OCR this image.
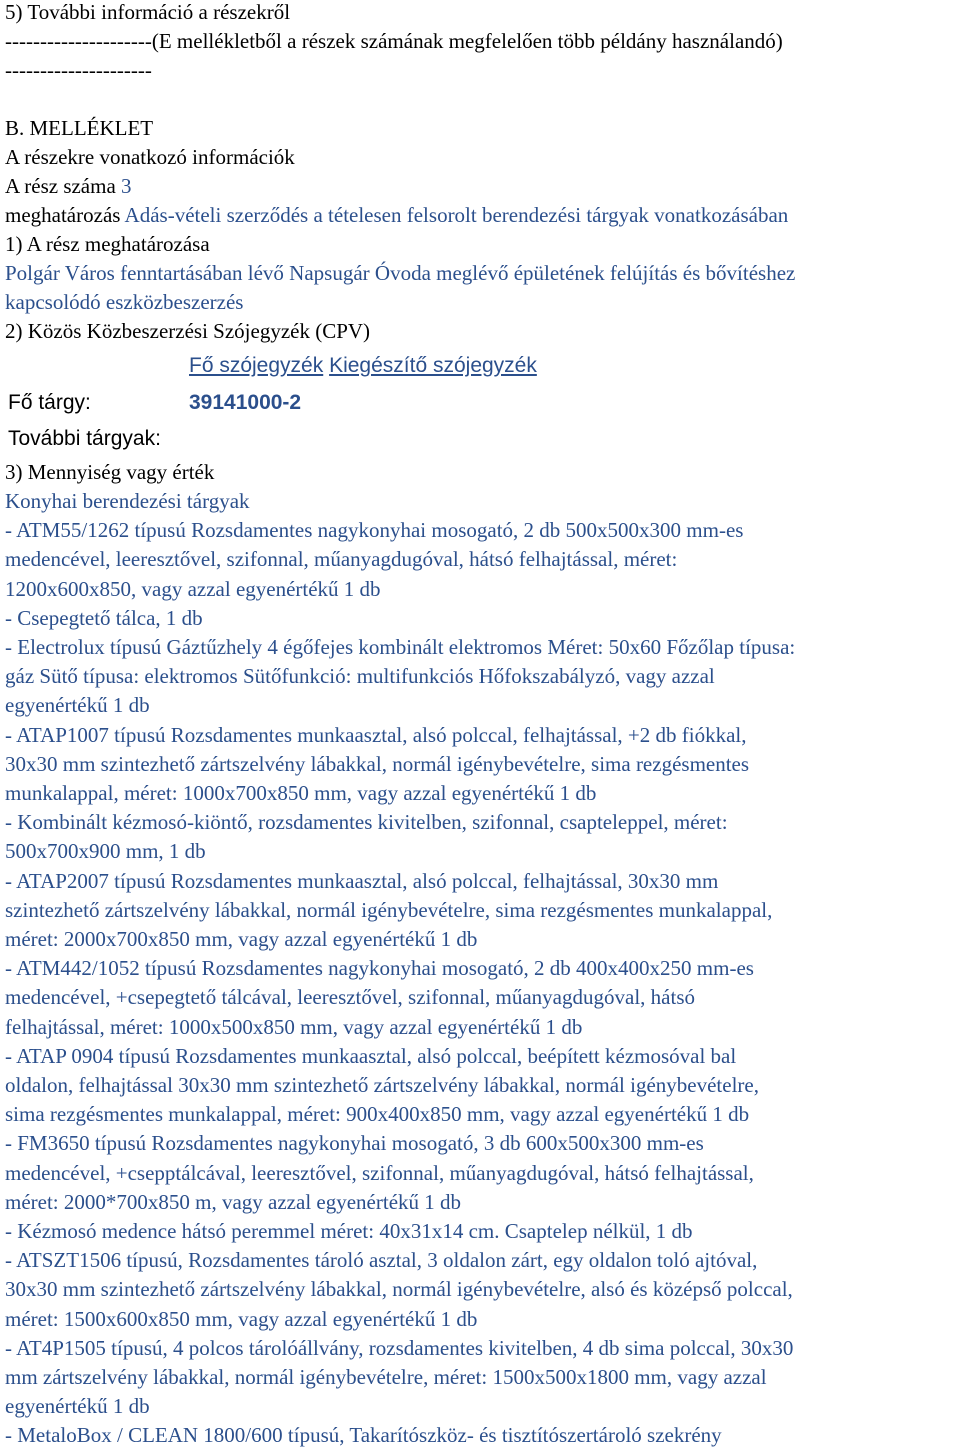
5) További információ a részekről
---------------------(E mellékletből a részek számának megfelelően több példány használandó)
---------------------
B. MELLÉKLET
A részekre vonatkozó információk
A rész száma 3
meghatározás Adás-vételi szerződés a tételesen felsorolt berendezési tárgyak vonatkozásában
1) A rész meghatározása
Polgár Város fenntartásában lévő Napsugár Óvoda meglévő épületének felújítás és bővítéshez
kapcsolódó eszközbeszerzés
2) Közös Közbeszerzési Szójegyzék (CPV)
Fő szójegyzék Kiegészítő szójegyzék
Fő tárgy:	39141000-2
További tárgyak:
3) Mennyiség vagy érték
Konyhai berendezési tárgyak
- ATM55/1262 típusú Rozsdamentes nagykonyhai mosogató, 2 db 500x500x300 mm-es
medencével, leeresztővel, szifonnal, műanyagdugóval, hátsó felhajtással, méret:
1200x600x850, vagy azzal egyenértékű 1 db
- Csepegtető tálca, 1 db
- Electrolux típusú Gáztűzhely 4 égőfejes kombinált elektromos Méret: 50x60 Főzőlap típusa:
gáz Sütő típusa: elektromos Sütőfunkció: multifunkciós Hőfokszabályzó, vagy azzal
egyenértékű 1 db
- ATAP1007 típusú Rozsdamentes munkaasztal, alsó polccal, felhajtással, +2 db fiókkal,
30x30 mm szintezhető zártszelvény lábakkal, normál igénybevételre, sima rezgésmentes
munkalappal, méret: 1000x700x850 mm, vagy azzal egyenértékű 1 db
- Kombinált kézmosó-kiöntő, rozsdamentes kivitelben, szifonnal, csapteleppel, méret:
500x700x900 mm, 1 db
- ATAP2007 típusú Rozsdamentes munkaasztal, alsó polccal, felhajtással, 30x30 mm
szintezhető zártszelvény lábakkal, normál igénybevételre, sima rezgésmentes munkalappal,
méret: 2000x700x850 mm, vagy azzal egyenértékű 1 db
- ATM442/1052 típusú Rozsdamentes nagykonyhai mosogató, 2 db 400x400x250 mm-es
medencével, +csepegtető tálcával, leeresztővel, szifonnal, műanyagdugóval, hátsó
felhajtással, méret: 1000x500x850 mm, vagy azzal egyenértékű 1 db
- ATAP 0904 típusú Rozsdamentes munkaasztal, alsó polccal, beépített kézmosóval bal
oldalon, felhajtással 30x30 mm szintezhető zártszelvény lábakkal, normál igénybevételre,
sima rezgésmentes munkalappal, méret: 900x400x850 mm, vagy azzal egyenértékű 1 db
- FM3650 típusú Rozsdamentes nagykonyhai mosogató, 3 db 600x500x300 mm-es
medencével, +csepptálcával, leeresztővel, szifonnal, műanyagdugóval, hátsó felhajtással,
méret: 2000*700x850 m, vagy azzal egyenértékű 1 db
- Kézmosó medence hátsó peremmel méret: 40x31x14 cm. Csaptelep nélkül, 1 db
- ATSZT1506 típusú, Rozsdamentes tároló asztal, 3 oldalon zárt, egy oldalon toló ajtóval,
30x30 mm szintezhető zártszelvény lábakkal, normál igénybevételre, alsó és középső polccal,
méret: 1500x600x850 mm, vagy azzal egyenértékű 1 db
- AT4P1505 típusú, 4 polcos tárolóállvány, rozsdamentes kivitelben, 4 db sima polccal, 30x30
mm zártszelvény lábakkal, normál igénybevételre, méret: 1500x500x1800 mm, vagy azzal
egyenértékű 1 db
- MetaloBox / CLEAN 1800/600 típusú, Takarítószköz- és tisztítószertároló szekrény
